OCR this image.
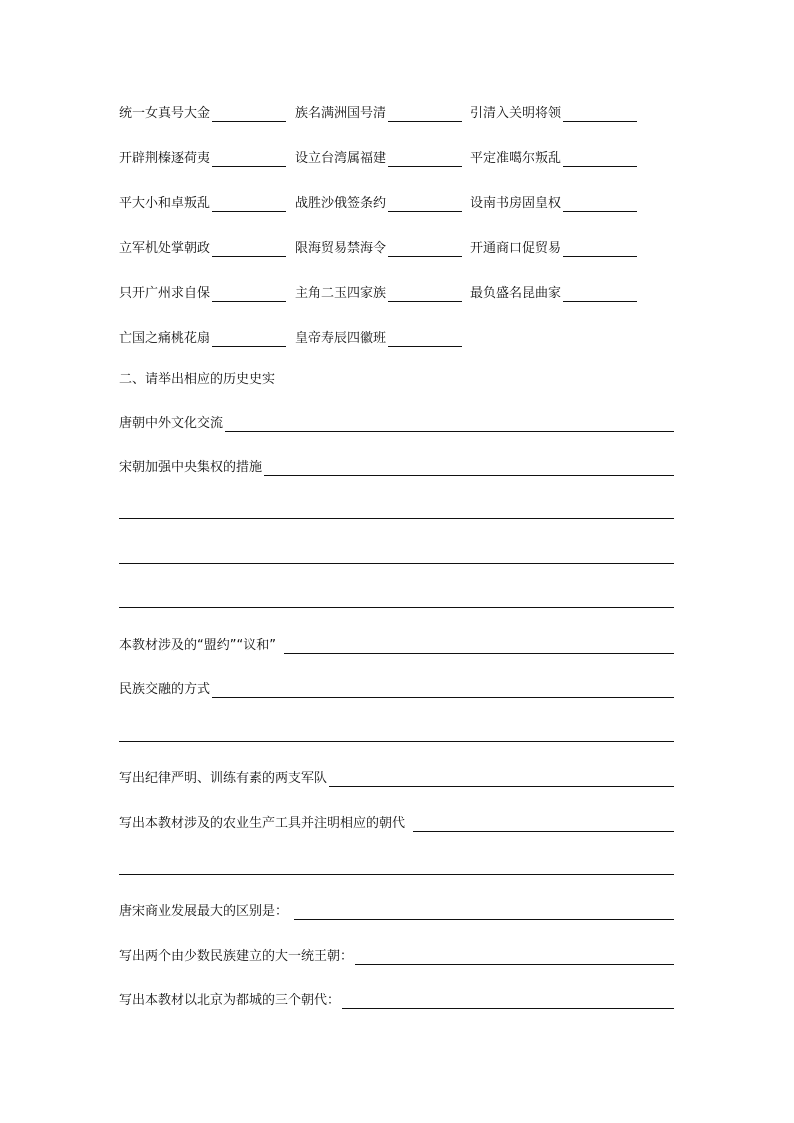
统一女真号大金	族名满洲国号清	引清入关明将领
开辟荆榛逐荷夷	设立台湾属福建	平定准噶尔叛乱
平大小和卓叛乱	战胜沙俄签条约	设南书房固皇权
立军机处掌朝政	限海贸易禁海令	开通商口促贸易
只开广州求自保	主角二玉四家族	最负盛名昆曲家
亡国之痛桃花扇	皇帝寿辰四徽班
二、请举出相应的历史史实
唐朝中外文化交流
宋朝加强中央集权的措施
本教材涉及的“盟约”“议和”
民族交融的方式
写出纪律严明、训练有素的两支军队
写出本教材涉及的农业生产工具并注明相应的朝代
唐宋商业发展最大的区别是：
写出两个由少数民族建立的大一统王朝：
写出本教材以北京为都城的三个朝代：
